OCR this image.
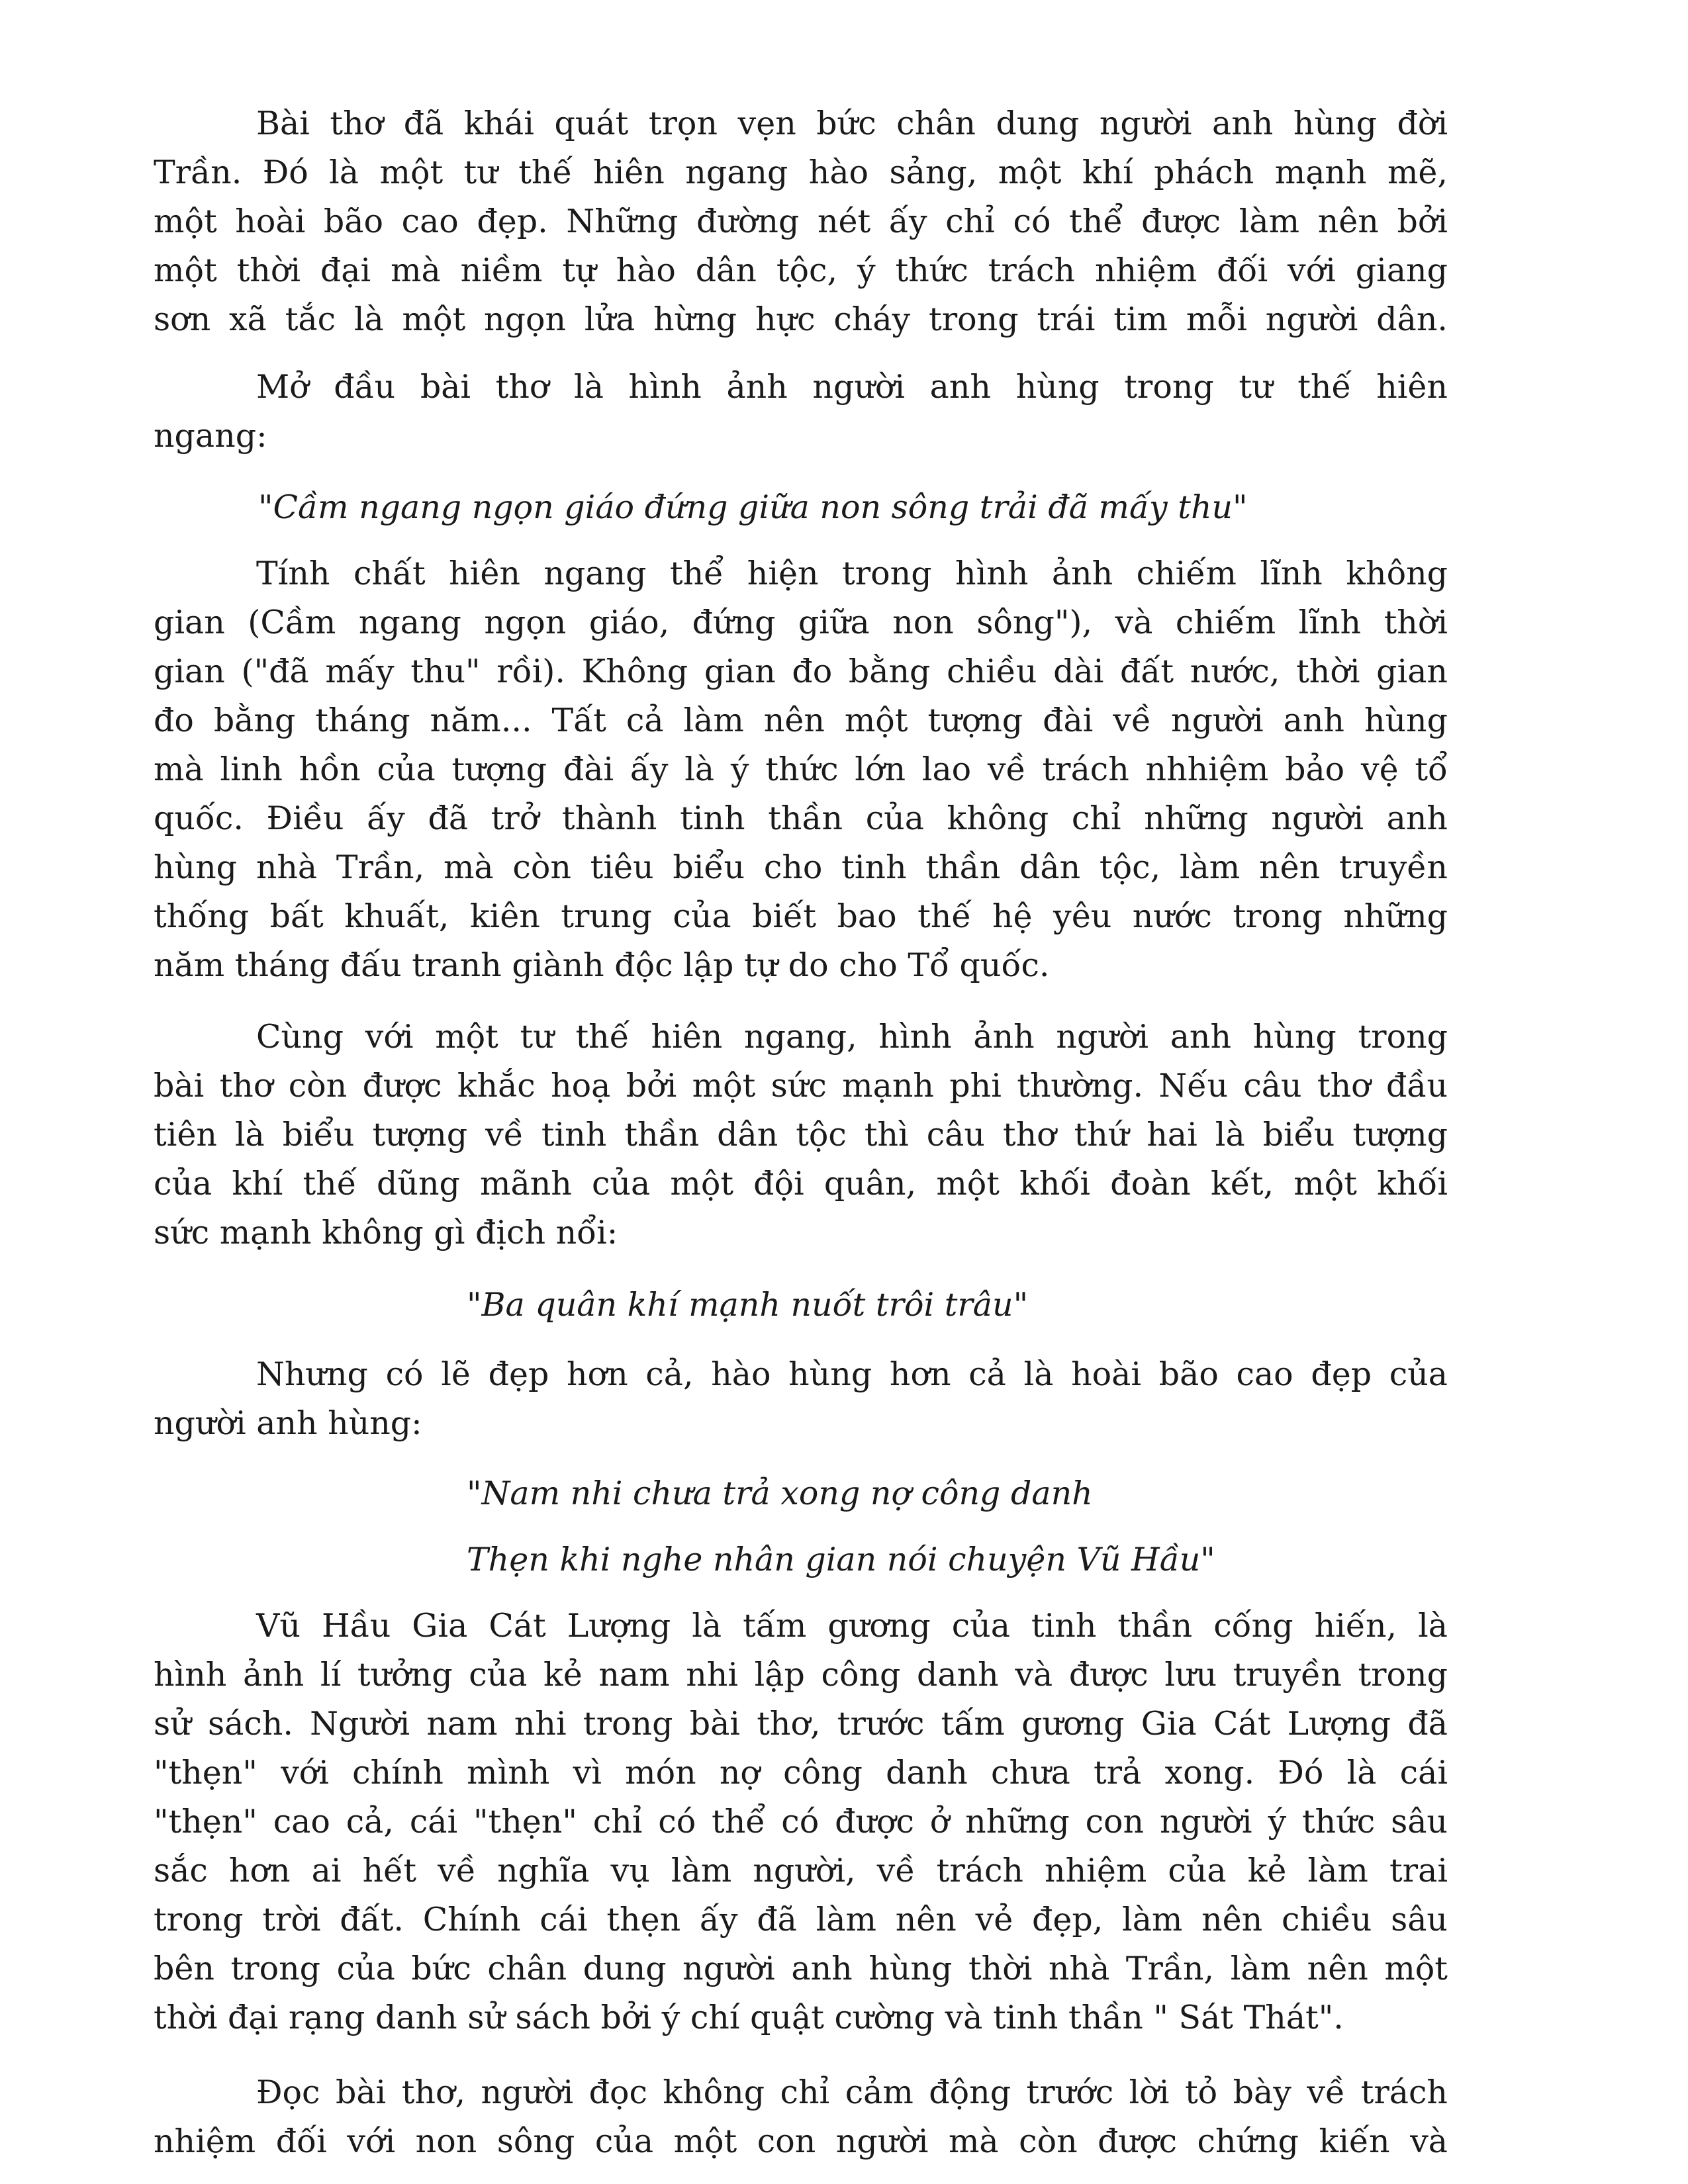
Bài thơ đã khái quát trọn vẹn bức chân dung người anh hùng đời
Trần. Đó là một tư thế hiên ngang hào sảng, một khí phách mạnh mẽ,
một hoài bão cao đẹp. Những đường nét ấy chỉ có thể được làm nên bởi
một thời đại mà niềm tự hào dân tộc, ý thức trách nhiệm đối với giang
sơn xã tắc là một ngọn lửa hừng hực cháy trong trái tim mỗi người dân.
Mở đầu bài thơ là hình ảnh người anh hùng trong tư thế hiên
ngang:
"Cầm ngang ngọn giáo đứng giữa non sông trải đã mấy thu"
Tính chất hiên ngang thể hiện trong hình ảnh chiếm lĩnh không
gian (Cầm ngang ngọn giáo, đứng giữa non sông"), và chiếm lĩnh thời
gian ("đã mấy thu" rồi). Không gian đo bằng chiều dài đất nước, thời gian
đo bằng tháng năm... Tất cả làm nên một tượng đài về người anh hùng
mà linh hồn của tượng đài ấy là ý thức lớn lao về trách nhhiệm bảo vệ tổ
quốc. Điều ấy đã trở thành tinh thần của không chỉ những người anh
hùng nhà Trần, mà còn tiêu biểu cho tinh thần dân tộc, làm nên truyền
thống bất khuất, kiên trung của biết bao thế hệ yêu nước trong những
năm tháng đấu tranh giành độc lập tự do cho Tổ quốc.
Cùng với một tư thế hiên ngang, hình ảnh người anh hùng trong
bài thơ còn được khắc hoạ bởi một sức mạnh phi thường. Nếu câu thơ đầu
tiên là biểu tượng về tinh thần dân tộc thì câu thơ thứ hai là biểu tượng
của khí thế dũng mãnh của một đội quân, một khối đoàn kết, một khối
sức mạnh không gì địch nổi:
"Ba quân khí mạnh nuốt trôi trâu"
Nhưng có lẽ đẹp hơn cả, hào hùng hơn cả là hoài bão cao đẹp của
người anh hùng:
"Nam nhi chưa trả xong nợ công danh
Thẹn khi nghe nhân gian nói chuyện Vũ Hầu"
Vũ Hầu Gia Cát Lượng là tấm gương của tinh thần cống hiến, là
hình ảnh lí tưởng của kẻ nam nhi lập công danh và được lưu truyền trong
sử sách. Người nam nhi trong bài thơ, trước tấm gương Gia Cát Lượng đã
"thẹn" với chính mình vì món nợ công danh chưa trả xong. Đó là cái
"thẹn" cao cả, cái "thẹn" chỉ có thể có được ở những con người ý thức sâu
sắc hơn ai hết về nghĩa vụ làm người, về trách nhiệm của kẻ làm trai
trong trời đất. Chính cái thẹn ấy đã làm nên vẻ đẹp, làm nên chiều sâu
bên trong của bức chân dung người anh hùng thời nhà Trần, làm nên một
thời đại rạng danh sử sách bởi ý chí quật cường và tinh thần " Sát Thát".
Đọc bài thơ, người đọc không chỉ cảm động trước lời tỏ bày về trách
nhiệm đối với non sông của một con người mà còn được chứng kiến và
